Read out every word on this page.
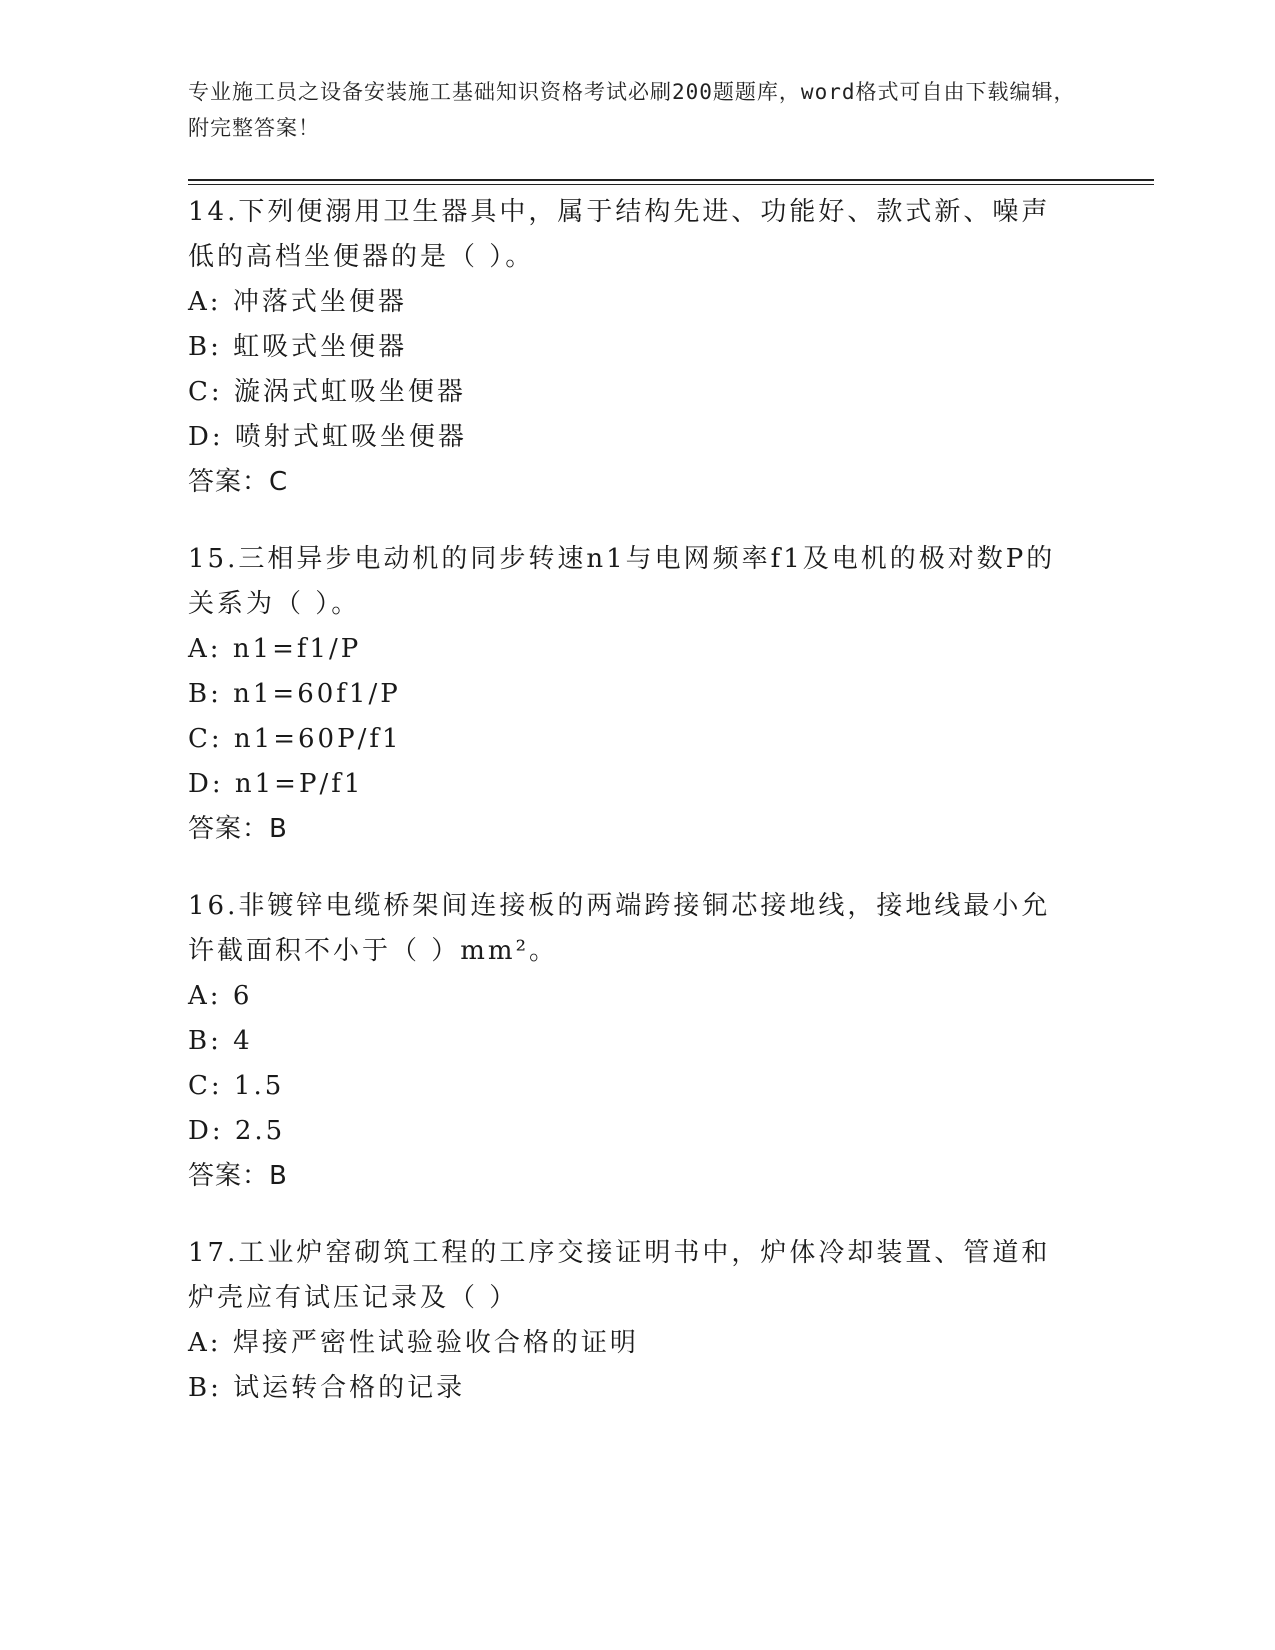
专业施工员之设备安装施工基础知识资格考试必刷200题题库，word格式可自由下载编辑，附完整答案！
14.下列便溺用卫生器具中，属于结构先进、功能好、款式新、噪声低的高档坐便器的是（ ）。
A: 冲落式坐便器
B: 虹吸式坐便器
C: 漩涡式虹吸坐便器
D: 喷射式虹吸坐便器
答案：C
15.三相异步电动机的同步转速n1与电网频率f1及电机的极对数P的关系为（ ）。
A: n1=f1/P
B: n1=60f1/P
C: n1=60P/f1
D: n1=P/f1
答案：B
16.非镀锌电缆桥架间连接板的两端跨接铜芯接地线，接地线最小允许截面积不小于（ ）mm²。
A: 6
B: 4
C: 1.5
D: 2.5
答案：B
17.工业炉窑砌筑工程的工序交接证明书中，炉体冷却装置、管道和炉壳应有试压记录及（ ）
A: 焊接严密性试验验收合格的证明
B: 试运转合格的记录
